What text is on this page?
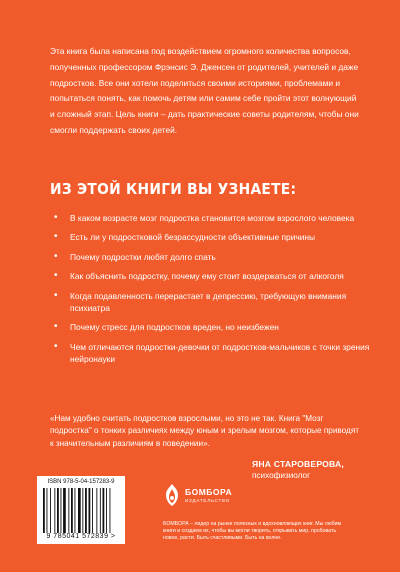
Эта книга была написана под воздействием огромного количества вопросов, полученных профессором Фрэнсис Э. Дженсен от родителей, учителей и даже подростков. Все они хотели поделиться своими историями, проблемами и попытаться понять, как помочь детям или самим себе пройти этот волнующий и сложный этап. Цель книги – дать практические советы родителям, чтобы они смогли поддержать своих детей.

ИЗ ЭТОЙ КНИГИ ВЫ УЗНАЕТЕ:
• В каком возрасте мозг подростка становится мозгом взрослого человека
• Есть ли у подростковой безрассудности объективные причины
• Почему подростки любят долго спать
• Как объяснить подростку, почему ему стоит воздержаться от алкоголя
• Когда подавленность перерастает в депрессию, требующую внимания психиатра
• Почему стресс для подростков вреден, но неизбежен
• Чем отличаются подростки-девочки от подростков-мальчиков с точки зрения нейронауки

«Нам удобно считать подростков взрослыми, но это не так. Книга "Мозг подростка" о тонких различиях между юным и зрелым мозгом, которые приводят к значительным различиям в поведении».

ЯНА СТАРОВЕРОВА,
психофизиолог
ISBN 978-5-04-157283-9
9 785041 572839 >
БОМБОРА
ИЗДАТЕЛЬСТВО

БОМБОРА – лидер на рынке полезных и вдохновляющих книг. Мы любим книги и создаем их, чтобы вы могли творить, открывать мир, пробовать новое, расти. Быть счастливыми. Быть на волне.
